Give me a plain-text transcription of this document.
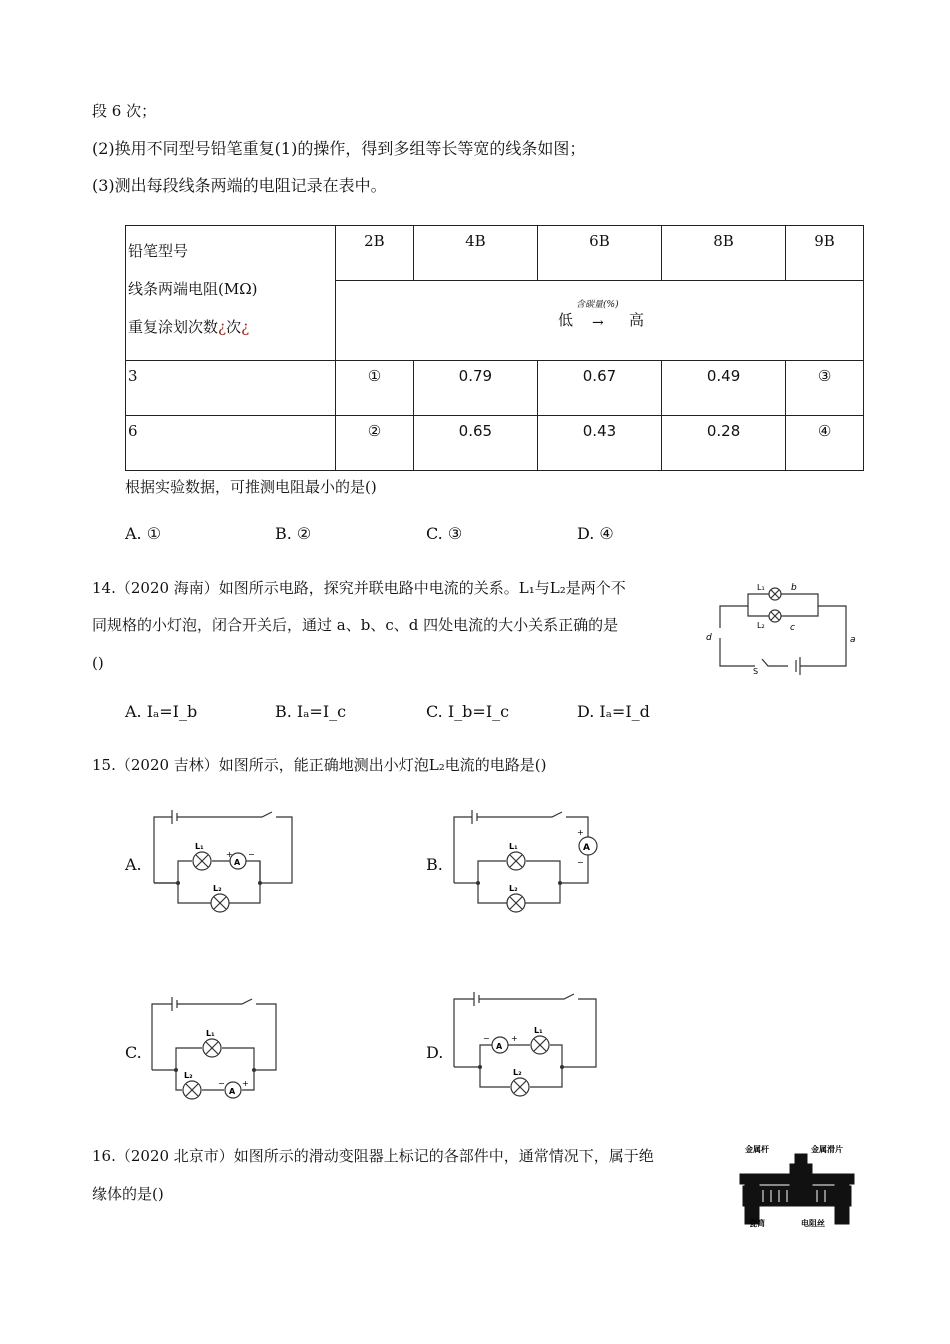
段 6 次；
(2)换用不同型号铅笔重复(1)的操作，得到多组等长等宽的线条如图；
(3)测出每段线条两端的电阻记录在表中。
铅笔型号
线条两端电阻(MΩ)
重复涂划次数¿次¿	2B	4B	6B	8B	9B

	低
含碳量(%)
→ 高				

3	①	0.79	0.67	0.49	③
6	②	0.65	0.43	0.28	④
根据实验数据，可推测电阻最小的是()
A. ①	B. ②	C. ③	D. ④
14.（2020 海南）如图所示电路，探究并联电路中电流的关系。L₁与L₂是两个不
同规格的小灯泡，闭合开关后，通过 a、b、c、d 四处电流的大小关系正确的是
()
L₁
L₂
b
c
d	a
S
A. Iₐ=I_b	B. Iₐ=I_c	C. I_b=I_c	D. Iₐ=I_d
15.（2020 吉林）如图所示，能正确地测出小灯泡L₂电流的电路是()
A.	A
L₁
L₂
+ −
B.
A
L₁
L₂
+
−
C.
A
L₁
L₂
− +
D.	A
L₁
L₂
−	+
16.（2020 北京市）如图所示的滑动变阻器上标记的各部件中，通常情况下，属于绝
缘体的是()
金属杆	金属滑片
瓷筒	电阻丝
